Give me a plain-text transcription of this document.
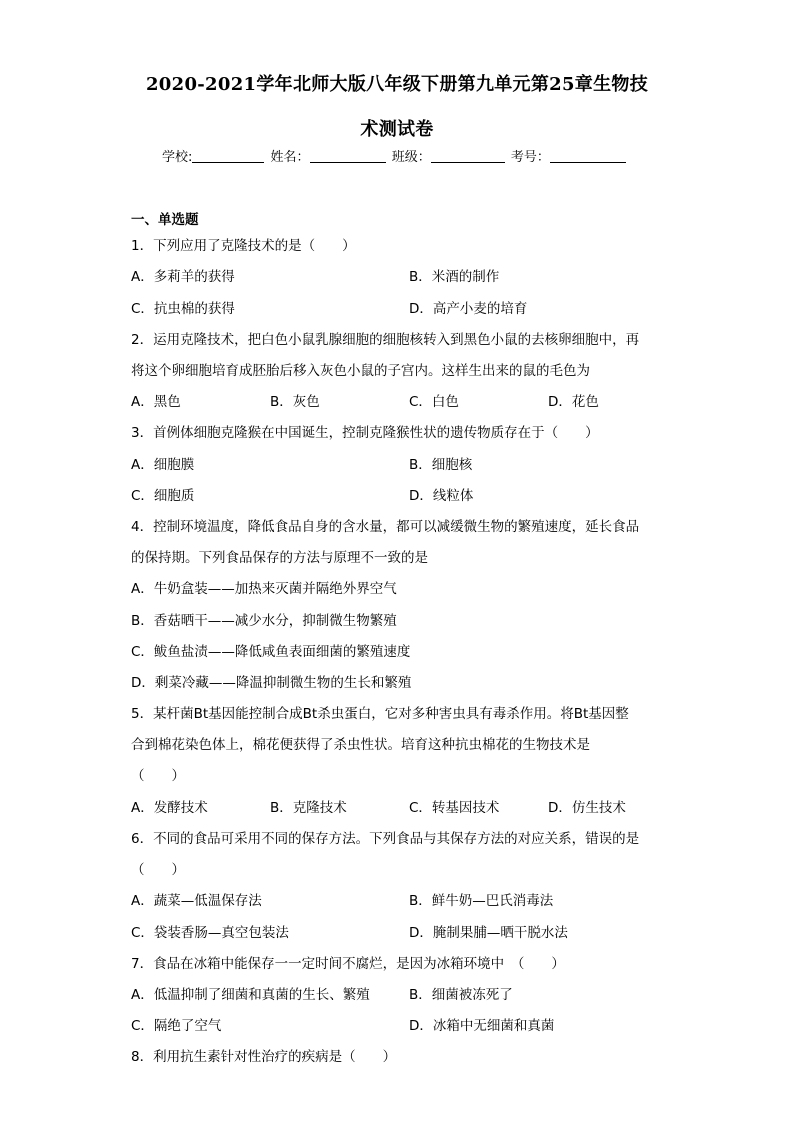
2020-2021学年北师大版八年级下册第九单元第25章生物技
术测试卷
学校:	姓名：	班级：	考号：
一、单选题
1．下列应用了克隆技术的是（　　）
A．多莉羊的获得	B．米酒的制作
C．抗虫棉的获得	D．高产小麦的培育
2．运用克隆技术，把白色小鼠乳腺细胞的细胞核转入到黑色小鼠的去核卵细胞中，再
将这个卵细胞培育成胚胎后移入灰色小鼠的子宫内。这样生出来的鼠的毛色为
A．黑色	B．灰色	C．白色	D．花色
3．首例体细胞克隆猴在中国诞生，控制克隆猴性状的遗传物质存在于（　　）
A．细胞膜	B．细胞核
C．细胞质	D．线粒体
4．控制环境温度，降低食品自身的含水量，都可以减缓微生物的繁殖速度，延长食品
的保持期。下列食品保存的方法与原理不一致的是
A．牛奶盒装——加热来灭菌并隔绝外界空气
B．香菇晒干——减少水分，抑制微生物繁殖
C．鲅鱼盐渍——降低咸鱼表面细菌的繁殖速度
D．剩菜冷藏——降温抑制微生物的生长和繁殖
5．某杆菌Bt基因能控制合成Bt杀虫蛋白，它对多种害虫具有毒杀作用。将Bt基因整
合到棉花染色体上，棉花便获得了杀虫性状。培育这种抗虫棉花的生物技术是
（　　）
A．发酵技术	B．克隆技术	C．转基因技术	D．仿生技术
6．不同的食品可采用不同的保存方法。下列食品与其保存方法的对应关系，错误的是
（　　）
A．蔬菜—低温保存法	B．鲜牛奶—巴氏消毒法
C．袋装香肠—真空包装法	D．腌制果脯—晒干脱水法
7．食品在冰箱中能保存一一定时间不腐烂，是因为冰箱环境中　（　　）
A．低温抑制了细菌和真菌的生长、繁殖	B．细菌被冻死了
C．隔绝了空气	D．冰箱中无细菌和真菌
8．利用抗生素针对性治疗的疾病是（　　）
